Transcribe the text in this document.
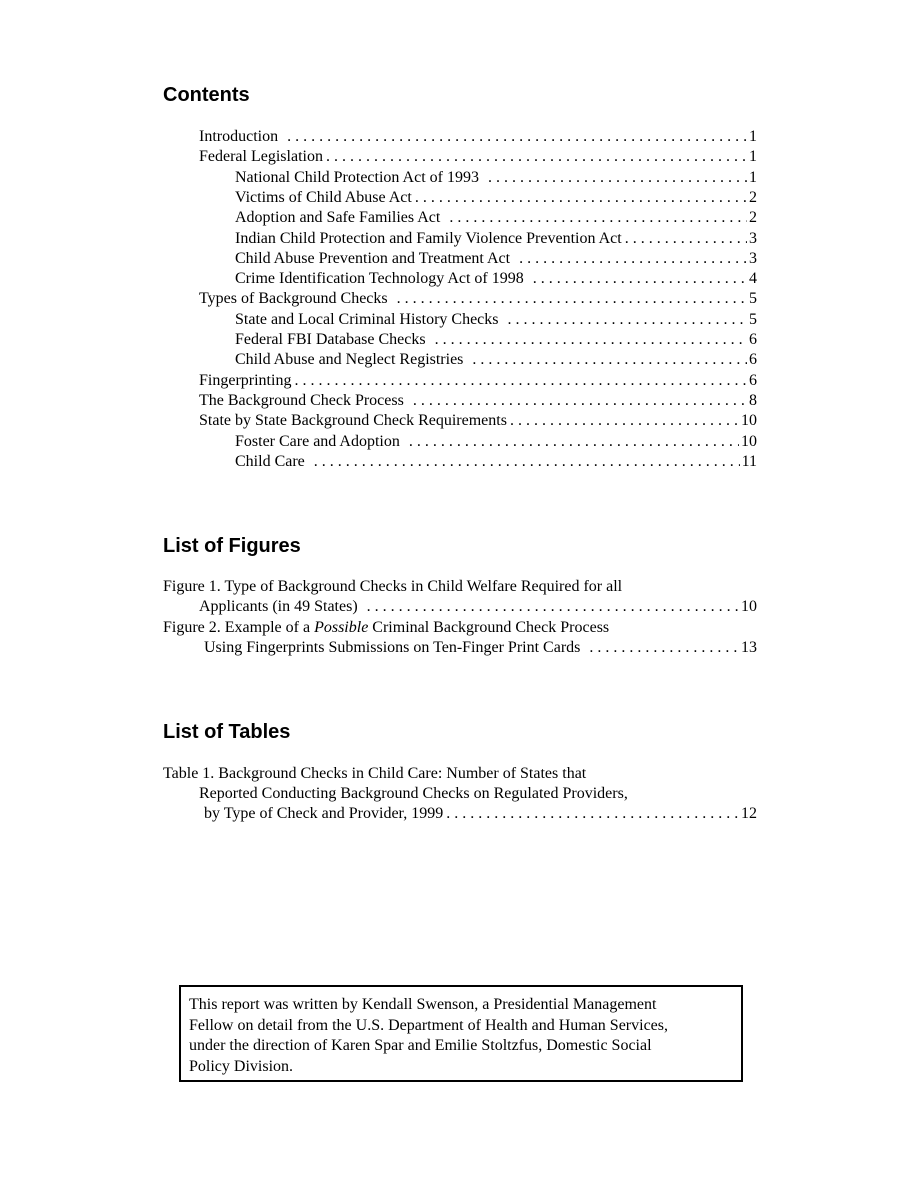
Contents
Introduction . . .	1
Federal Legislation . . .	1
National Child Protection Act of 1993 . . .	1
Victims of Child Abuse Act . . .	2
Adoption and Safe Families Act . . .	2
Indian Child Protection and Family Violence Prevention Act . . .	3
Child Abuse Prevention and Treatment Act . . .	3
Crime Identification Technology Act of 1998 . . .	4
Types of Background Checks . . .	5
State and Local Criminal History Checks . . .	5
Federal FBI Database Checks . . .	6
Child Abuse and Neglect Registries . . .	6
Fingerprinting . . .	6
The Background Check Process . . .	8
State by State Background Check Requirements . . .	10
Foster Care and Adoption . . .	10
Child Care . . .	11
List of Figures
Figure 1. Type of Background Checks in Child Welfare Required for all
Applicants (in 49 States) . . .	10
Figure 2. Example of a Possible Criminal Background Check Process
Using Fingerprints Submissions on Ten-Finger Print Cards . . .	13
List of Tables
Table 1. Background Checks in Child Care: Number of States that
Reported Conducting Background Checks on Regulated Providers,
by Type of Check and Provider, 1999 . . .	12
This report was written by Kendall Swenson, a Presidential Management
Fellow on detail from the U.S. Department of Health and Human Services,
under the direction of Karen Spar and Emilie Stoltzfus, Domestic Social
Policy Division.
